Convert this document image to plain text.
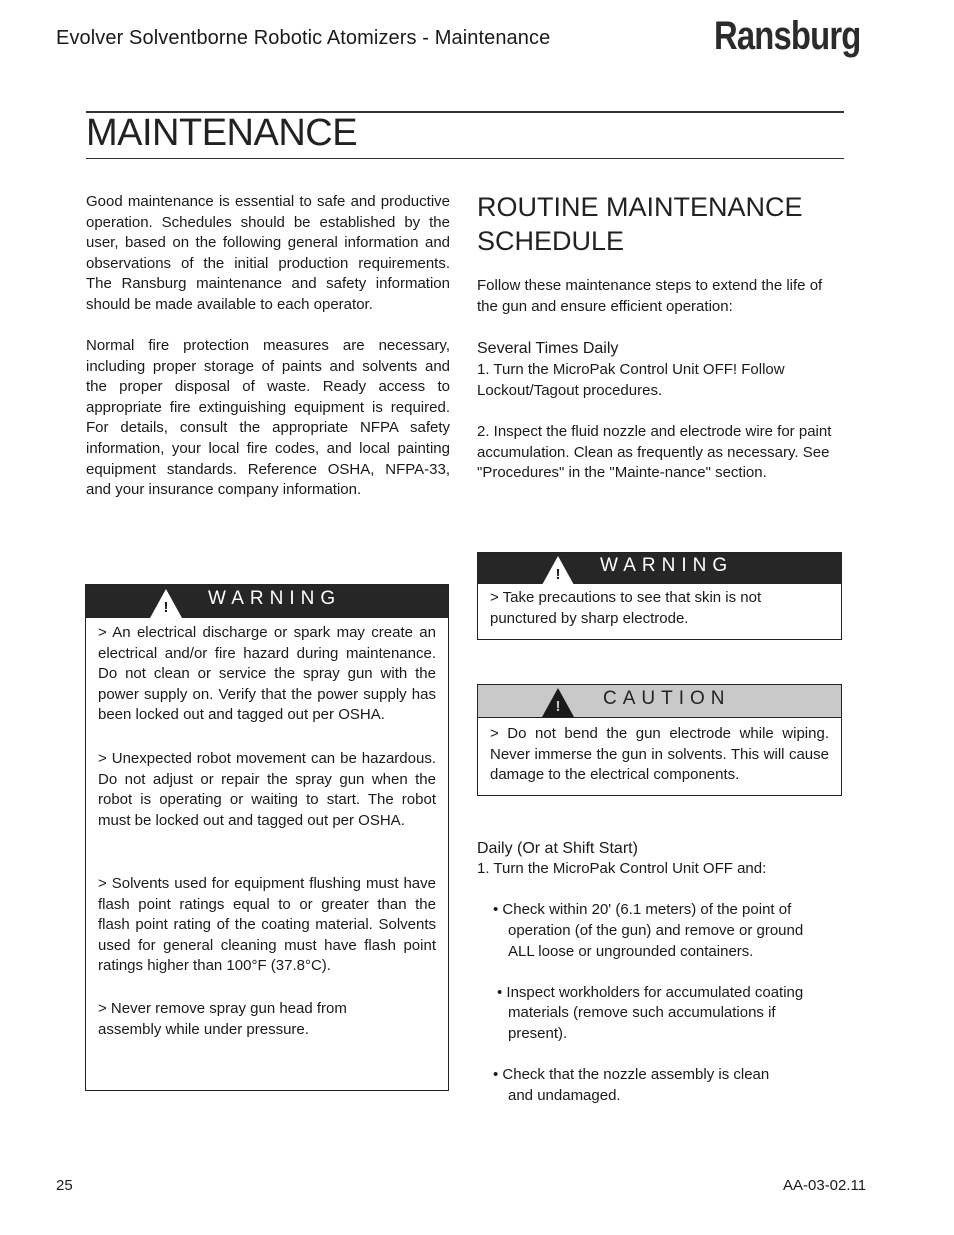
Evolver Solventborne Robotic Atomizers - Maintenance	Ransburg
MAINTENANCE
Good maintenance is essential to safe and productive operation. Schedules should be established by the user, based on the following general information and observations of the initial production requirements. The Ransburg maintenance and safety information should be made available to each operator.
Normal fire protection measures are necessary, including proper storage of paints and solvents and the proper disposal of waste. Ready access to appropriate fire extinguishing equipment is required. For details, consult the appropriate NFPA safety information, your local fire codes, and local painting equipment standards. Reference OSHA, NFPA-33, and your insurance company information.
!	WARNING
> An electrical discharge or spark may create an electrical and/or fire hazard during maintenance. Do not clean or service the spray gun with the power supply on. Verify that the power supply has been locked out and tagged out per OSHA.
> Unexpected robot movement can be hazardous. Do not adjust or repair the spray gun when the robot is operating or waiting to start. The robot must be locked out and tagged out per OSHA.
> Solvents used for equipment flushing must have flash point ratings equal to or greater than the flash point rating of the coating material. Solvents used for general cleaning must have flash point ratings higher than 100°F (37.8°C).
> Never remove spray gun head from assembly while under pressure.
ROUTINE MAINTENANCE
SCHEDULE
Follow these maintenance steps to extend the life of the gun and ensure efficient operation:
Several Times Daily
1. Turn the MicroPak Control Unit OFF! Follow Lockout/Tagout procedures.
2. Inspect the fluid nozzle and electrode wire for paint accumulation. Clean as frequently as necessary. See "Procedures" in the "Mainte-nance" section.
!	WARNING
> Take precautions to see that skin is not punctured by sharp electrode.
!	CAUTION
> Do not bend the gun electrode while wiping. Never immerse the gun in solvents. This will cause damage to the electrical components.
Daily (Or at Shift Start)
1. Turn the MicroPak Control Unit OFF and:
• Check within 20' (6.1 meters) of the point of
operation (of the gun) and remove or ground
ALL loose or ungrounded containers.
• Inspect workholders for accumulated coating
materials (remove such accumulations if
present).
• Check that the nozzle assembly is clean
and undamaged.
25	AA-03-02.11
